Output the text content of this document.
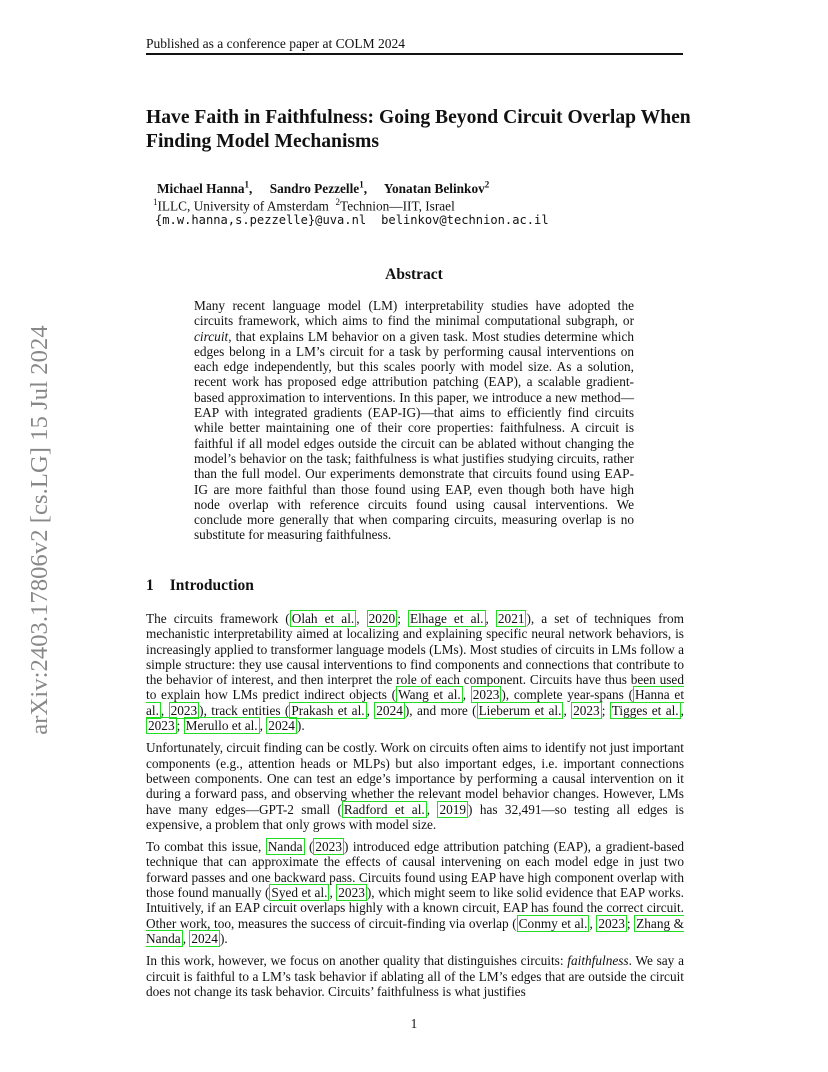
Published as a conference paper at COLM 2024
arXiv:2403.17806v2 [cs.LG] 15 Jul 2024
Have Faith in Faithfulness: Going Beyond Circuit Overlap When Finding Model Mechanisms
Michael Hanna$^1$, Sandro Pezzelle$^1$, Yonatan Belinkov$^2$
$^1$ILLC, University of Amsterdam $^2$Technion—IIT, Israel
{m.w.hanna,s.pezzelle}@uva.nl belinkov@technion.ac.il
Abstract

Many recent language model (LM) interpretability studies have adopted the circuits framework, which aims to find the minimal computational subgraph, or circuit, that explains LM behavior on a given task. Most studies determine which edges belong in a LM’s circuit for a task by performing causal interventions on each edge independently, but this scales poorly with model size. As a solution, recent work has proposed edge attribution patching (EAP), a scalable gradient-based approximation to interventions. In this paper, we introduce a new method—EAP with integrated gradients (EAP-IG)—that aims to efficiently find circuits while better maintaining one of their core properties: faithfulness. A circuit is faithful if all model edges outside the circuit can be ablated without changing the model’s behavior on the task; faithfulness is what justifies studying circuits, rather than the full model. Our experiments demonstrate that circuits found using EAP-IG are more faithful than those found using EAP, even though both have high node overlap with reference circuits found using causal interventions. We conclude more generally that when comparing circuits, measuring overlap is no substitute for measuring faithfulness.

1 Introduction

The circuits framework ( Olah et al. , 2020 ; Elhage et al. , 2021 ), a set of techniques from mechanistic interpretability aimed at localizing and explaining specific neural network behaviors, is increasingly applied to transformer language models (LMs). Most studies of circuits in LMs follow a simple structure: they use causal interventions to find components and connections that contribute to the behavior of interest, and then interpret the role of each component. Circuits have thus been used to explain how LMs predict indirect objects ( Wang et al. , 2023 ), complete year-spans ( Hanna et al. , 2023 ), track entities ( Prakash et al. , 2024 ), and more ( Lieberum et al. , 2023 ; Tigges et al. , 2023 ; Merullo et al. , 2024 ).

Unfortunately, circuit finding can be costly. Work on circuits often aims to identify not just important components (e.g., attention heads or MLPs) but also important edges, i.e. important connections between components. One can test an edge’s importance by performing a causal intervention on it during a forward pass, and observing whether the relevant model behavior changes. However, LMs have many edges—GPT-2 small ( Radford et al. , 2019 ) has 32,491—so testing all edges is expensive, a problem that only grows with model size.

To combat this issue, Nanda ( 2023 ) introduced edge attribution patching (EAP), a gradient-based technique that can approximate the effects of causal intervening on each model edge in just two forward passes and one backward pass. Circuits found using EAP have high component overlap with those found manually ( Syed et al. , 2023 ), which might seem to like solid evidence that EAP works. Intuitively, if an EAP circuit overlaps highly with a known circuit, EAP has found the correct circuit. Other work, too, measures the success of circuit-finding via overlap ( Conmy et al. , 2023 ; Zhang & Nanda , 2024 ).

In this work, however, we focus on another quality that distinguishes circuits: faithfulness. We say a circuit is faithful to a LM’s task behavior if ablating all of the LM’s edges that are outside the circuit does not change its task behavior. Circuits’ faithfulness is what justifies

1
